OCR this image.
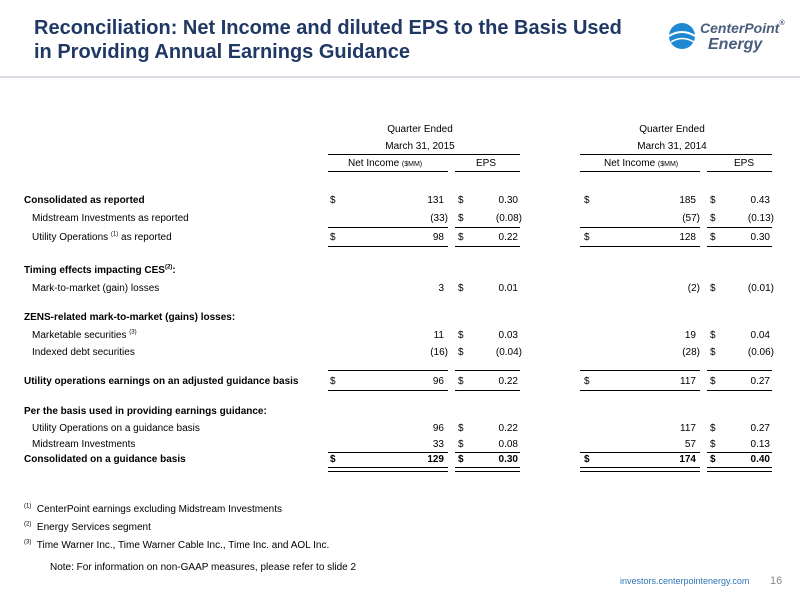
Reconciliation: Net Income and diluted EPS to the Basis Used
in Providing Annual Earnings Guidance
CenterPoint®
Energy
Quarter Ended
March 31, 2015
Quarter Ended
March 31, 2014
Net Income ($MM)	EPS	Net Income ($MM)	EPS
Consolidated as reported	$	131 $	0.30	$	185 $	0.43
Midstream Investments as reported	(33) $	(0.08)	(57) $	(0.13)
Utility Operations $^{(1)}$ as reported	$	98 $	0.22	$	128 $	0.30
Timing effects impacting CES$^{(2)}$:
Mark-to-market (gain) losses	3 $	0.01	(2) $	(0.01)
ZENS-related mark-to-market (gains) losses:
Marketable securities $^{(3)}$	11 $	0.03	19 $	0.04
Indexed debt securities	(16) $	(0.04)	(28) $	(0.06)
Utility operations earnings on an adjusted guidance basis	$	96 $	0.22	$	117 $	0.27
Per the basis used in providing earnings guidance:
Utility Operations on a guidance basis	96 $	0.22	117 $	0.27
Midstream Investments	33 $	0.08	57 $	0.13
Consolidated on a guidance basis	$	129 $	0.30	$	174 $	0.40
$^{(1)}$ CenterPoint earnings excluding Midstream Investments
$^{(2)}$ Energy Services segment
$^{(3)}$ Time Warner Inc., Time Warner Cable Inc., Time Inc. and AOL Inc.
Note: For information on non-GAAP measures, please refer to slide 2
investors.centerpointenergy.com 16
